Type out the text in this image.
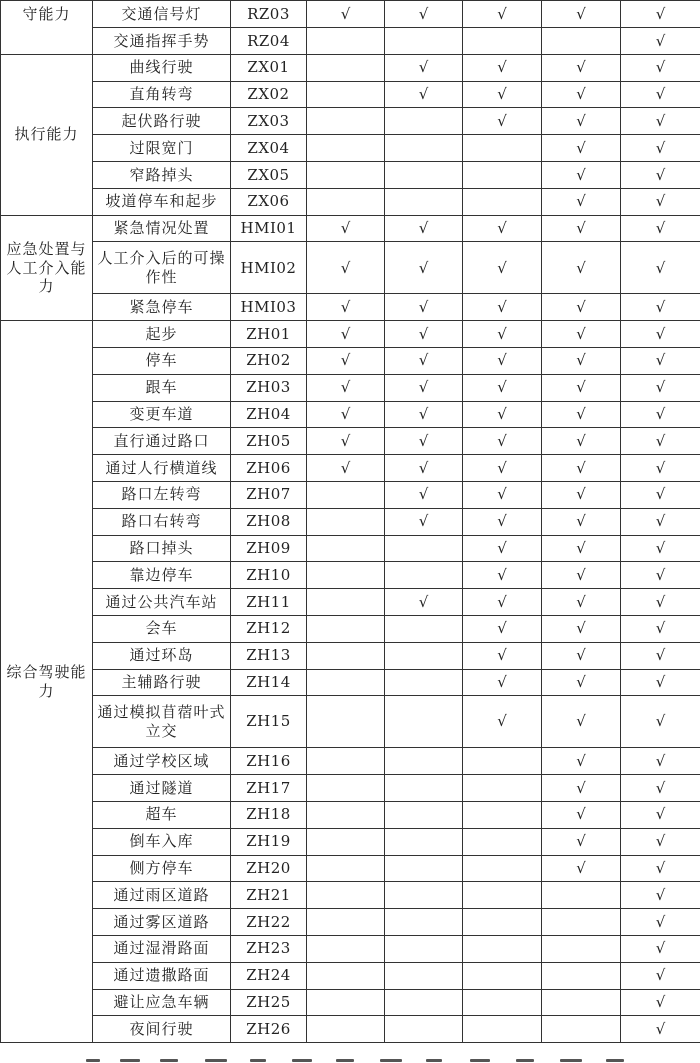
守能力	交通信号灯	RZ03	√	√	√	√	√
	交通指挥手势	RZ04					√
执行能力	曲线行驶	ZX01		√	√	√	√
	直角转弯	ZX02		√	√	√	√
	起伏路行驶	ZX03			√	√	√
	过限宽门	ZX04				√	√
	窄路掉头	ZX05				√	√
	坡道停车和起步	ZX06				√	√
应急处置与人工介入能力	紧急情况处置	HMI01	√	√	√	√	√
	人工介入后的可操作性	HMI02	√	√	√	√	√
	紧急停车	HMI03	√	√	√	√	√
综合驾驶能力	起步	ZH01	√	√	√	√	√
	停车	ZH02	√	√	√	√	√
	跟车	ZH03	√	√	√	√	√
	变更车道	ZH04	√	√	√	√	√
	直行通过路口	ZH05	√	√	√	√	√
	通过人行横道线	ZH06	√	√	√	√	√
	路口左转弯	ZH07		√	√	√	√
	路口右转弯	ZH08		√	√	√	√
	路口掉头	ZH09			√	√	√
	靠边停车	ZH10			√	√	√
	通过公共汽车站	ZH11		√	√	√	√
	会车	ZH12			√	√	√
	通过环岛	ZH13			√	√	√
	主辅路行驶	ZH14			√	√	√
	通过模拟苜蓿叶式立交	ZH15			√	√	√
	通过学校区域	ZH16				√	√
	通过隧道	ZH17				√	√
	超车	ZH18				√	√
	倒车入库	ZH19				√	√
	侧方停车	ZH20				√	√
	通过雨区道路	ZH21					√
	通过雾区道路	ZH22					√
	通过湿滑路面	ZH23					√
	通过遗撒路面	ZH24					√
	避让应急车辆	ZH25					√
	夜间行驶	ZH26					√
